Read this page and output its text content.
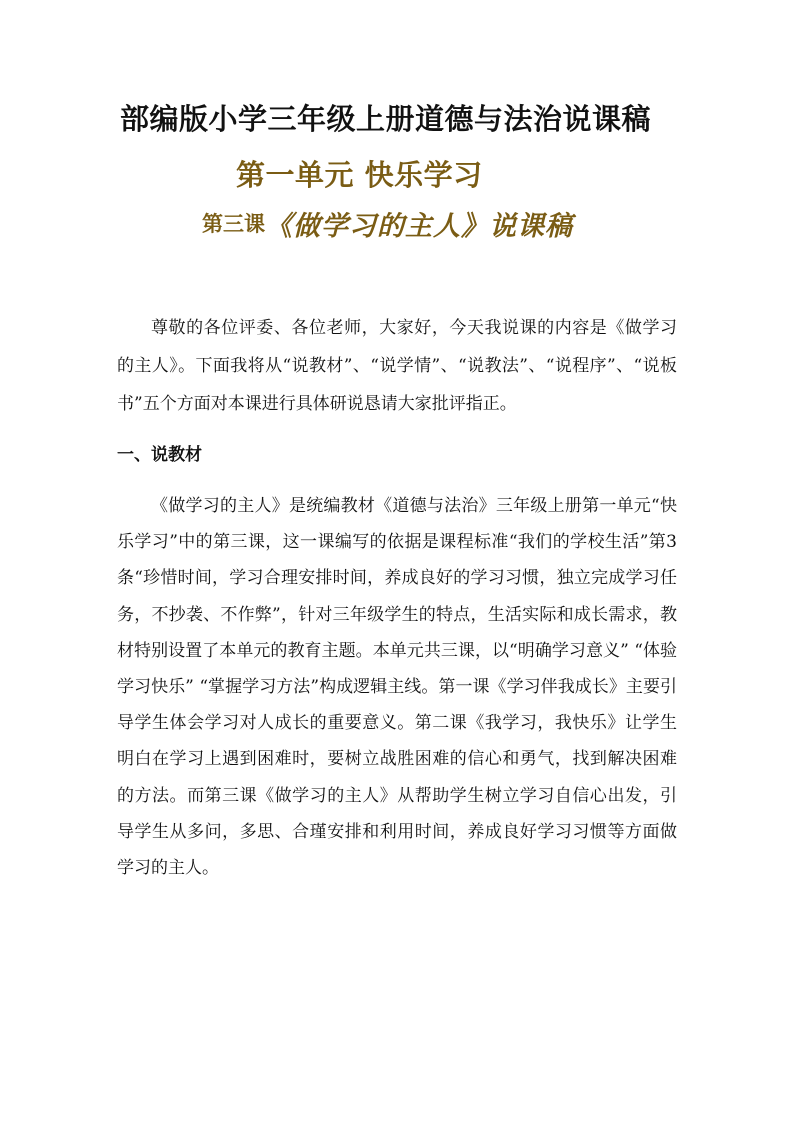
部编版小学三年级上册道德与法治说课稿
第一单元 快乐学习
第三课《做学习的主人》说课稿

尊敬的各位评委、各位老师，大家好，今天我说课的内容是《做学习的主人》。下面我将从“说教材”、“说学情”、“说教法”、“说程序”、“说板书”五个方面对本课进行具体研说恳请大家批评指正。

一、说教材

《做学习的主人》是统编教材《道德与法治》三年级上册第一单元“快乐学习”中的第三课，这一课编写的依据是课程标准“我们的学校生活”第3条“珍惜时间，学习合理安排时间，养成良好的学习习惯，独立完成学习任务，不抄袭、不作弊”，针对三年级学生的特点，生活实际和成长需求，教材特别设置了本单元的教育主题。本单元共三课，以“明确学习意义” “体验学习快乐” “掌握学习方法”构成逻辑主线。第一课《学习伴我成长》主要引导学生体会学习对人成长的重要意义。第二课《我学习，我快乐》让学生明白在学习上遇到困难时，要树立战胜困难的信心和勇气，找到解决困难的方法。而第三课《做学习的主人》从帮助学生树立学习自信心出发，引导学生从多问，多思、合瑾安排和利用时间，养成良好学习习惯等方面做学习的主人。
